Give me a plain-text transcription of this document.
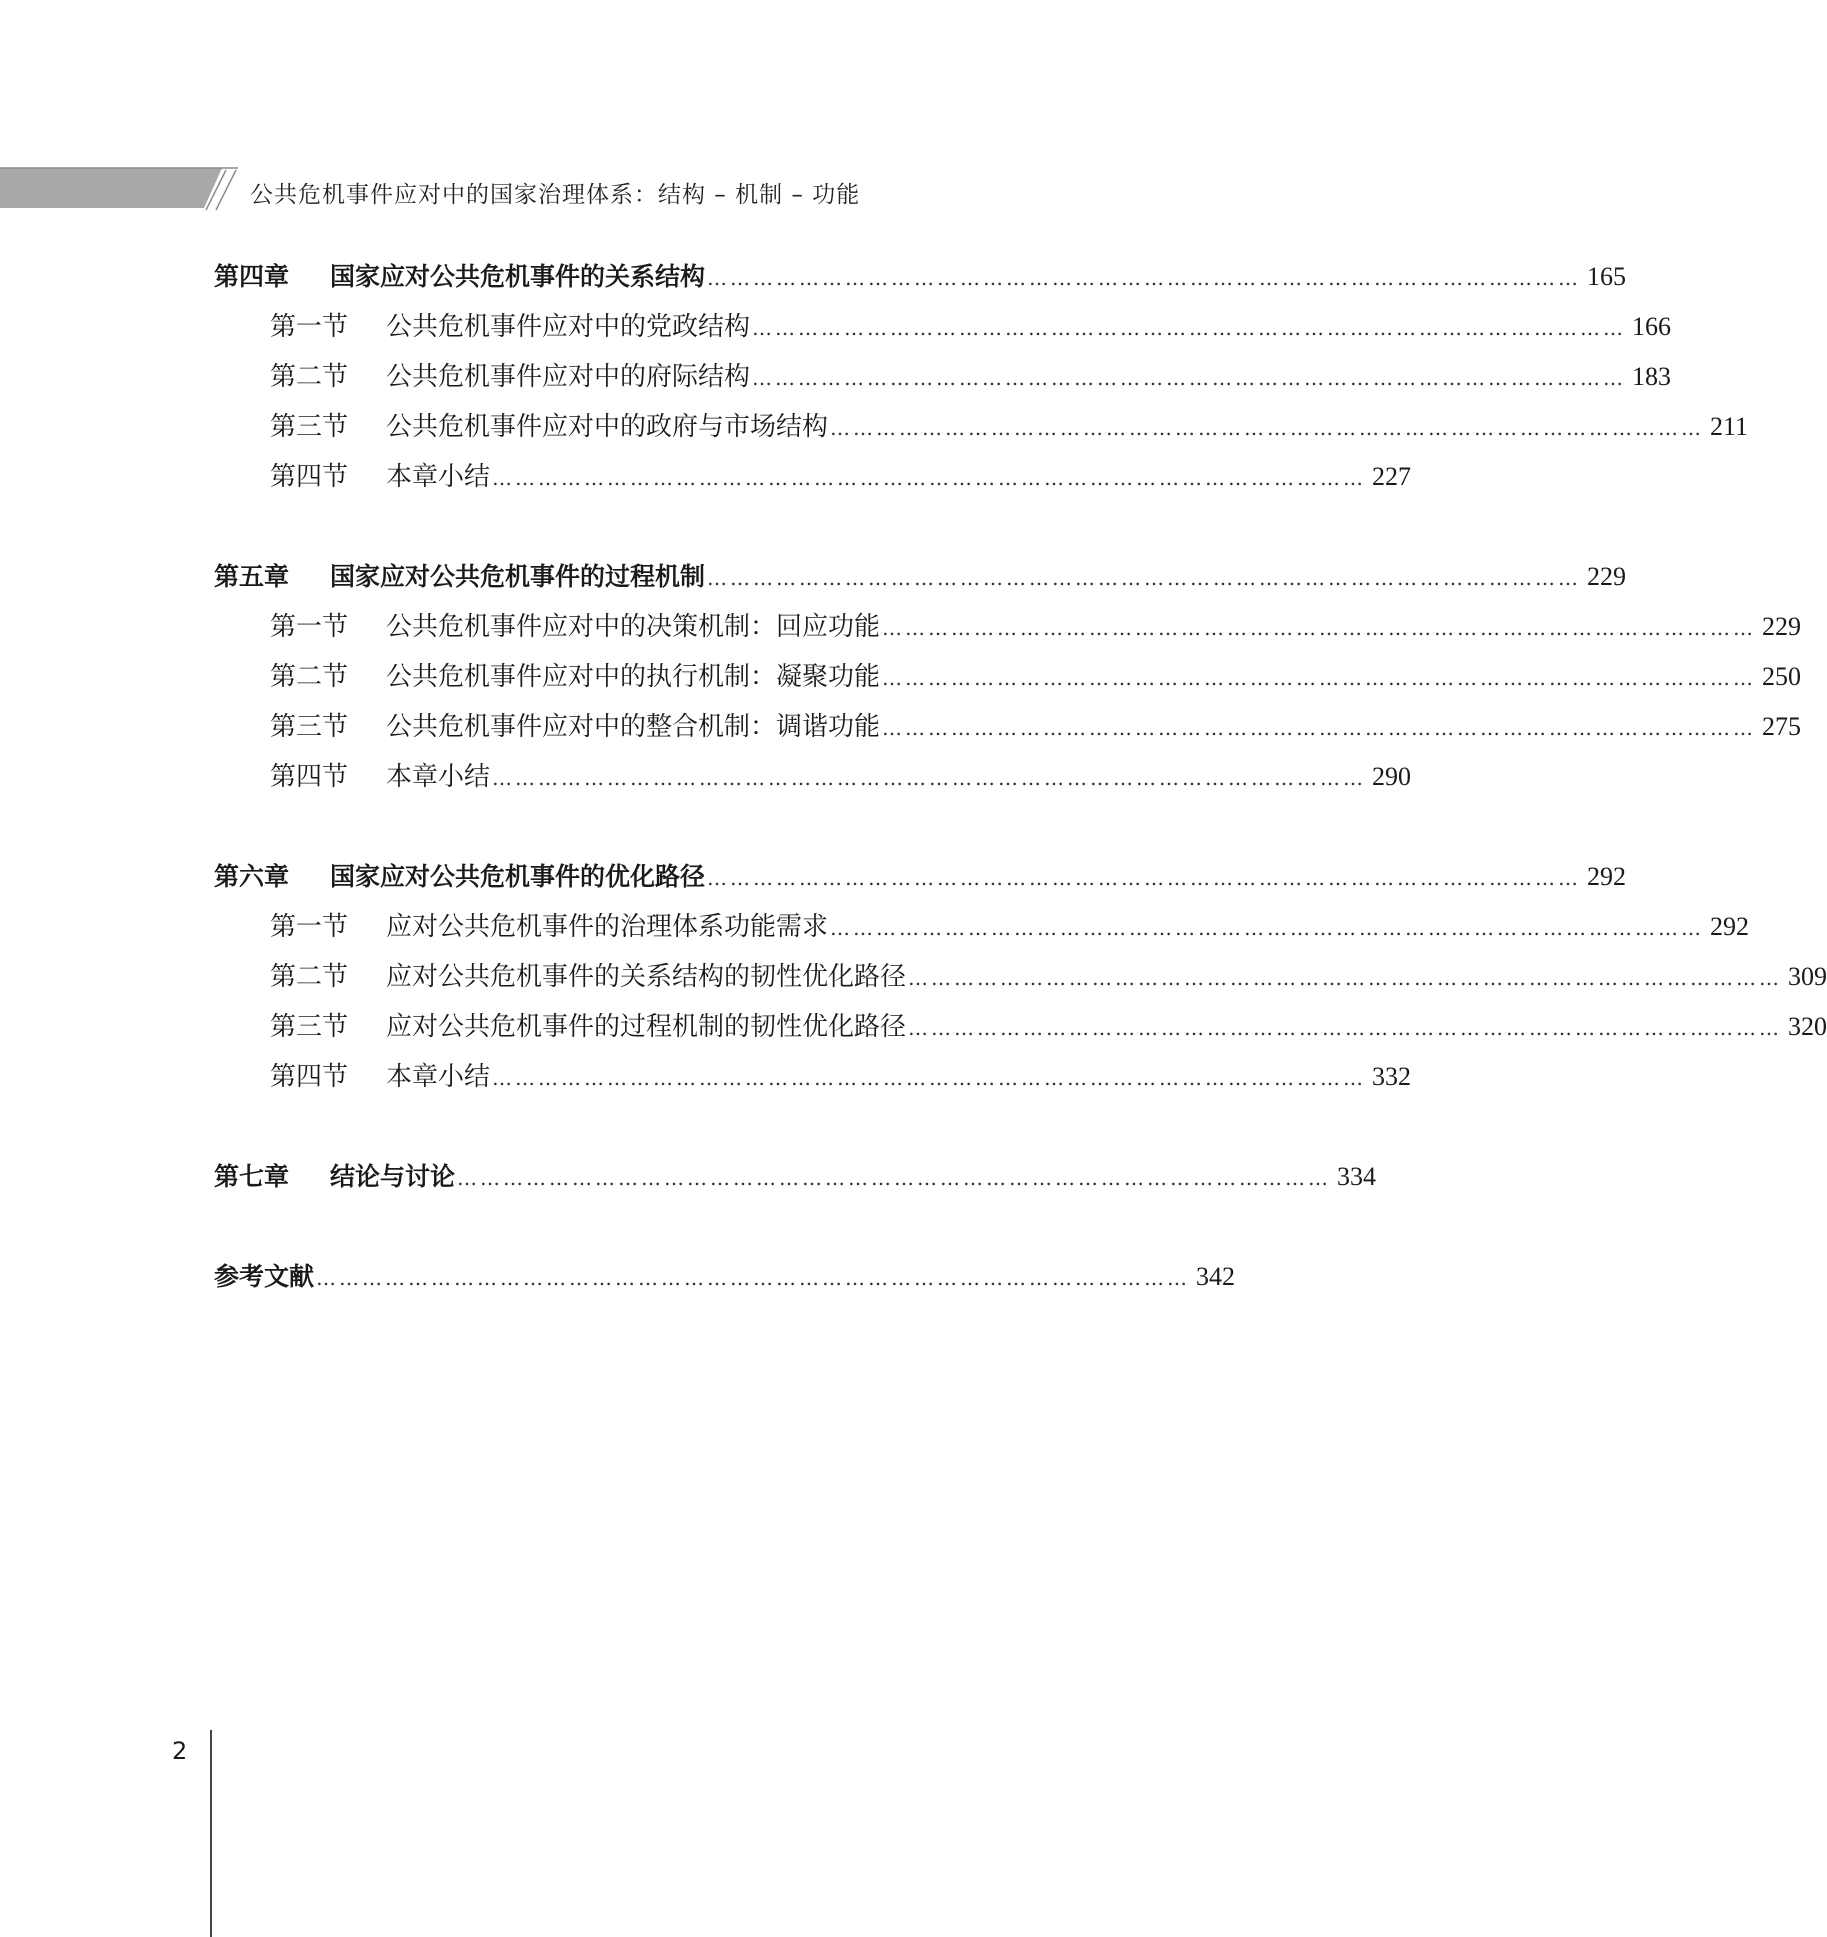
公共危机事件应对中的国家治理体系：结构 – 机制 – 功能
第四章 国家应对公共危机事件的关系结构 …………………………………………………………………………………………………… 165
第一节 公共危机事件应对中的党政结构 …………………………………………………………………………………………………… 166
第二节 公共危机事件应对中的府际结构 …………………………………………………………………………………………………… 183
第三节 公共危机事件应对中的政府与市场结构 …………………………………………………………………………………………………… 211
第四节 本章小结 …………………………………………………………………………………………………… 227
第五章 国家应对公共危机事件的过程机制 …………………………………………………………………………………………………… 229
第一节 公共危机事件应对中的决策机制：回应功能 …………………………………………………………………………………………………… 229
第二节 公共危机事件应对中的执行机制：凝聚功能 …………………………………………………………………………………………………… 250
第三节 公共危机事件应对中的整合机制：调谐功能 …………………………………………………………………………………………………… 275
第四节 本章小结 …………………………………………………………………………………………………… 290
第六章 国家应对公共危机事件的优化路径 …………………………………………………………………………………………………… 292
第一节 应对公共危机事件的治理体系功能需求 …………………………………………………………………………………………………… 292
第二节 应对公共危机事件的关系结构的韧性优化路径 …………………………………………………………………………………………………… 309
第三节 应对公共危机事件的过程机制的韧性优化路径 …………………………………………………………………………………………………… 320
第四节 本章小结 …………………………………………………………………………………………………… 332
第七章 结论与讨论 …………………………………………………………………………………………………… 334
参考文献 …………………………………………………………………………………………………… 342
2
